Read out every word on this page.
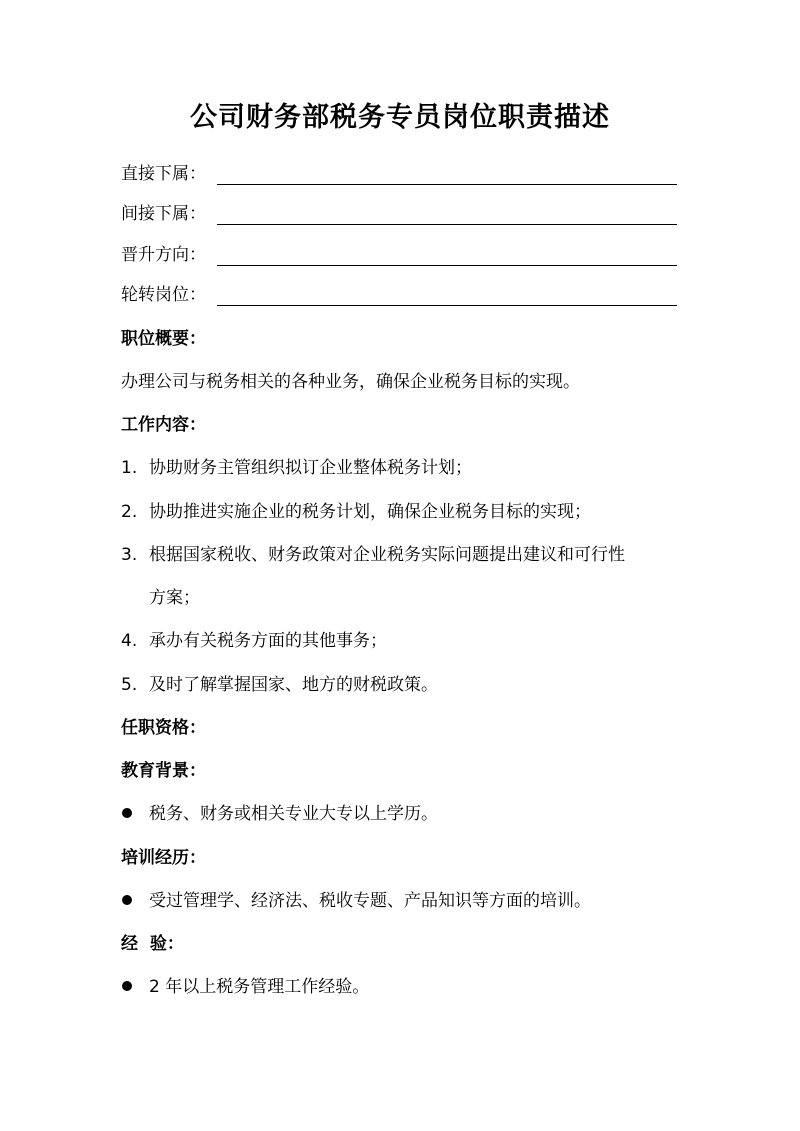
公司财务部税务专员岗位职责描述
直接下属：
间接下属：
晋升方向：
轮转岗位：
职位概要：
办理公司与税务相关的各种业务，确保企业税务目标的实现。
工作内容：
1. 协助财务主管组织拟订企业整体税务计划；
2. 协助推进实施企业的税务计划，确保企业税务目标的实现；
3. 根据国家税收、财务政策对企业税务实际问题提出建议和可行性
方案；
4. 承办有关税务方面的其他事务；
5. 及时了解掌握国家、地方的财税政策。
任职资格：
教育背景：
税务、财务或相关专业大专以上学历。
培训经历：
受过管理学、经济法、税收专题、产品知识等方面的培训。
经  验：
2 年以上税务管理工作经验。
